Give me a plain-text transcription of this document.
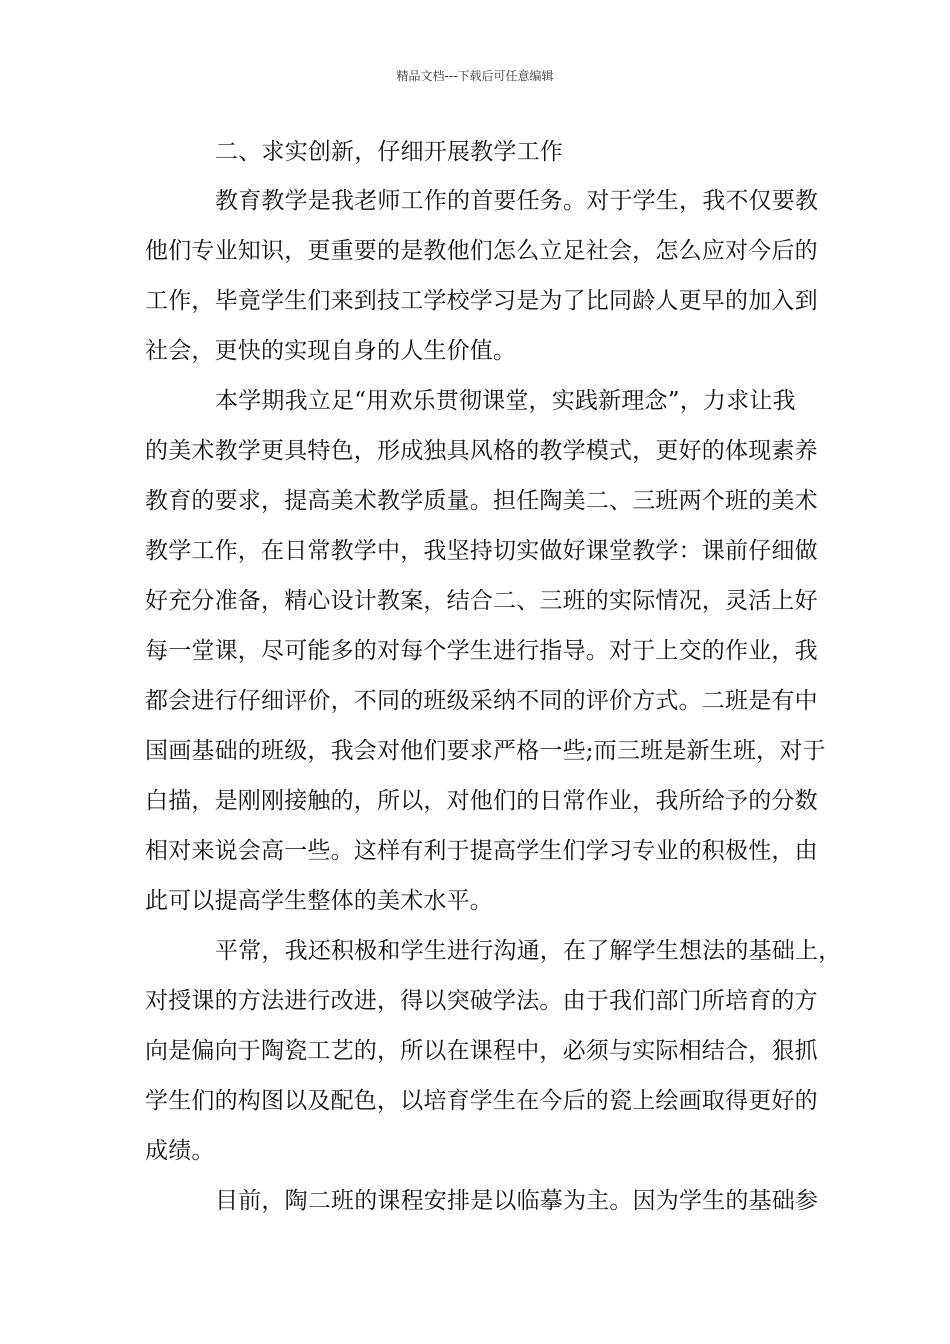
精品文档---下载后可任意编辑
二、求实创新，仔细开展教学工作
教育教学是我老师工作的首要任务。对于学生，我不仅要教
他们专业知识，更重要的是教他们怎么立足社会，怎么应对今后的
工作，毕竟学生们来到技工学校学习是为了比同龄人更早的加入到
社会，更快的实现自身的人生价值。
本学期我立足“用欢乐贯彻课堂，实践新理念”，力求让我
的美术教学更具特色，形成独具风格的教学模式，更好的体现素养
教育的要求，提高美术教学质量。担任陶美二、三班两个班的美术
教学工作，在日常教学中，我坚持切实做好课堂教学：课前仔细做
好充分准备，精心设计教案，结合二、三班的实际情况，灵活上好
每一堂课，尽可能多的对每个学生进行指导。对于上交的作业，我
都会进行仔细评价，不同的班级采纳不同的评价方式。二班是有中
国画基础的班级，我会对他们要求严格一些;而三班是新生班，对于
白描，是刚刚接触的，所以，对他们的日常作业，我所给予的分数
相对来说会高一些。这样有利于提高学生们学习专业的积极性，由
此可以提高学生整体的美术水平。
平常，我还积极和学生进行沟通，在了解学生想法的基础上，
对授课的方法进行改进，得以突破学法。由于我们部门所培育的方
向是偏向于陶瓷工艺的，所以在课程中，必须与实际相结合，狠抓
学生们的构图以及配色，以培育学生在今后的瓷上绘画取得更好的
成绩。
目前，陶二班的课程安排是以临摹为主。因为学生的基础参
